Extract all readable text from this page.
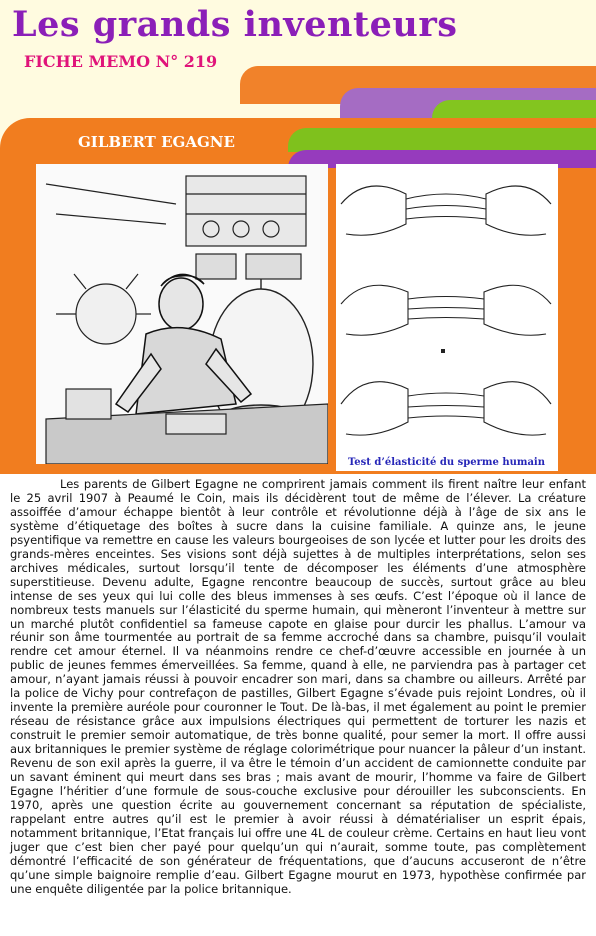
Les grands inventeurs
FICHE MEMO N° 219
GILBERT EGAGNE
Test d’élasticité du sperme humain
Les parents de Gilbert Egagne ne comprirent jamais comment ils firent naître leur enfant le 25 avril 1907 à Peaumé le Coin, mais ils décidèrent tout de même de l’élever. La créature assoiffée d’amour échappe bientôt à leur contrôle et révolutionne déjà à l’âge de six ans le système d’étiquetage des boîtes à sucre dans la cuisine familiale. A quinze ans, le jeune psyentifique va remettre en cause les valeurs bourgeoises de son lycée et lutter pour les droits des grands-mères enceintes. Ses visions sont déjà sujettes à de multiples interprétations, selon ses archives médicales, surtout lorsqu’il tente de décomposer les éléments d’une atmosphère superstitieuse. Devenu adulte, Egagne rencontre beaucoup de succès, surtout grâce au bleu intense de ses yeux qui lui colle des bleus immenses à ses œufs. C’est l’époque où il lance de nombreux tests manuels sur l’élasticité du sperme humain, qui mèneront l’inventeur à mettre sur un marché plutôt confidentiel sa fameuse capote en glaise pour durcir les phallus. L’amour va réunir son âme tourmentée au portrait de sa femme accroché dans sa chambre, puisqu’il voulait rendre cet amour éternel. Il va néanmoins rendre ce chef-d’œuvre accessible en journée à un public de jeunes femmes émerveillées. Sa femme, quand à elle, ne parviendra pas à partager cet amour, n’ayant jamais réussi à pouvoir encadrer son mari, dans sa chambre ou ailleurs. Arrêté par la police de Vichy pour contrefaçon de pastilles, Gilbert Egagne s’évade puis rejoint Londres, où il invente la première auréole pour couronner le Tout. De là-bas, il met également au point le premier réseau de résistance grâce aux impulsions électriques qui permettent de torturer les nazis et construit le premier semoir automatique, de très bonne qualité, pour semer la mort. Il offre aussi aux britanniques le premier système de réglage colorimétrique pour nuancer la pâleur d’un instant. Revenu de son exil après la guerre, il va être le témoin d’un accident de camionnette conduite par un savant éminent qui meurt dans ses bras ; mais avant de mourir, l’homme va faire de Gilbert Egagne l’héritier d’une formule de sous-couche exclusive pour dérouiller les subconscients. En 1970, après une question écrite au gouvernement concernant sa réputation de spécialiste, rappelant entre autres qu’il est le premier à avoir réussi à dématérialiser un esprit épais, notamment britannique, l’Etat français lui offre une 4L de couleur crème. Certains en haut lieu vont juger que c’est bien cher payé pour quelqu’un qui n’aurait, somme toute, pas complètement démontré l’efficacité de son générateur de fréquentations, que d’aucuns accuseront de n’être qu’une simple baignoire remplie d’eau. Gilbert Egagne mourut en 1973, hypothèse confirmée par une enquête diligentée par la police britannique.
